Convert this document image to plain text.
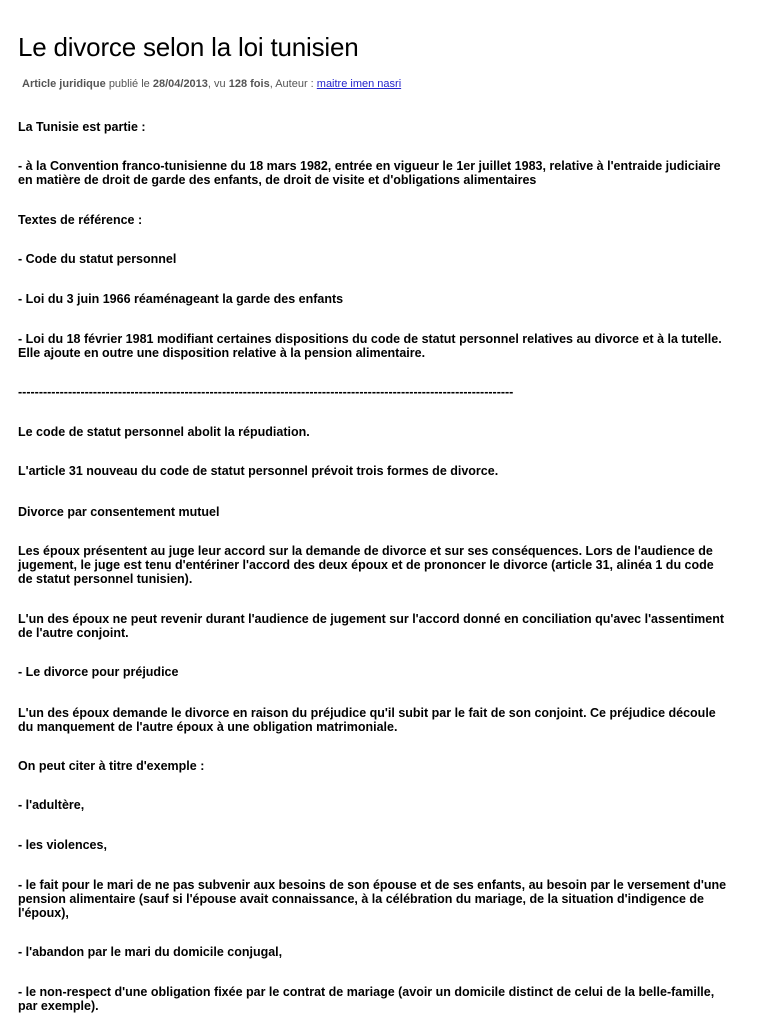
Le divorce selon la loi tunisien
Article juridique publié le 28/04/2013, vu 128 fois, Auteur : maitre imen nasri
La Tunisie est partie :
- à la Convention franco-tunisienne du 18 mars 1982, entrée en vigueur le 1er juillet 1983, relative à l'entraide judiciaire
en matière de droit de garde des enfants, de droit de visite et d'obligations alimentaires
Textes de référence :
- Code du statut personnel
- Loi du 3 juin 1966 réaménageant la garde des enfants
- Loi du 18 février 1981 modifiant certaines dispositions du code de statut personnel relatives au divorce et à la tutelle.
Elle ajoute en outre une disposition relative à la pension alimentaire.
-----------------------------------------------------------------------------------------------------------------------
Le code de statut personnel abolit la répudiation.
L'article 31 nouveau du code de statut personnel prévoit trois formes de divorce.
Divorce par consentement mutuel
Les époux présentent au juge leur accord sur la demande de divorce et sur ses conséquences. Lors de l'audience de
jugement, le juge est tenu d'entériner l'accord des deux époux et de prononcer le divorce (article 31, alinéa 1 du code
de statut personnel tunisien).
L'un des époux ne peut revenir durant l'audience de jugement sur l'accord donné en conciliation qu'avec l'assentiment
de l'autre conjoint.
- Le divorce pour préjudice
L'un des époux demande le divorce en raison du préjudice qu'il subit par le fait de son conjoint. Ce préjudice découle
du manquement de l'autre époux à une obligation matrimoniale.
On peut citer à titre d'exemple :
- l'adultère,
- les violences,
- le fait pour le mari de ne pas subvenir aux besoins de son épouse et de ses enfants, au besoin par le versement d'une
pension alimentaire (sauf si l'épouse avait connaissance, à la célébration du mariage, de la situation d'indigence de
l'époux),
- l'abandon par le mari du domicile conjugal,
- le non-respect d'une obligation fixée par le contrat de mariage (avoir un domicile distinct de celui de la belle-famille,
par exemple).
